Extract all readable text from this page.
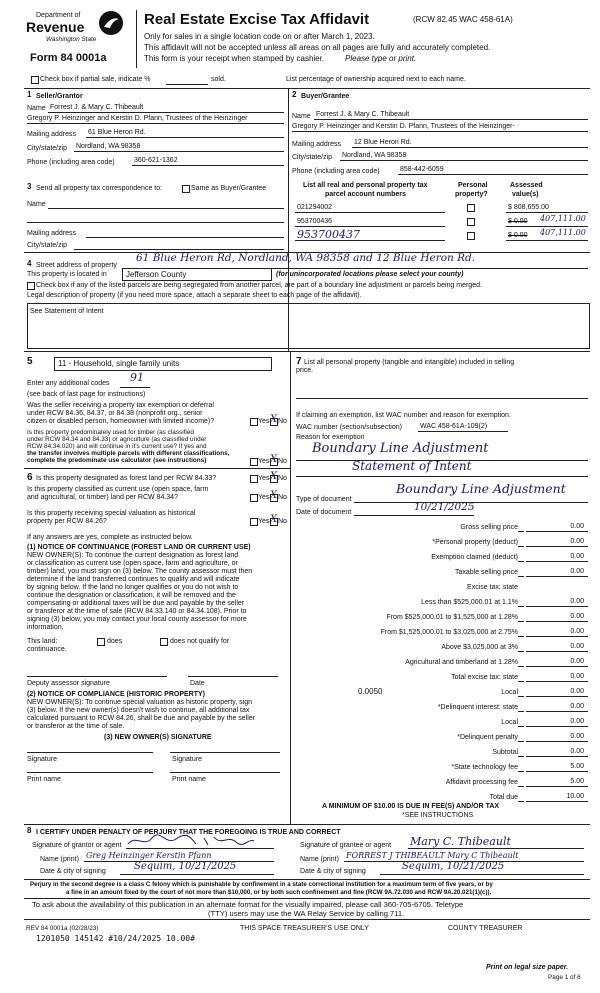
Department of
Revenue
Washington State
Form 84 0001a
Real Estate Excise Tax Affidavit	(RCW 82.45 WAC 458-61A)
Only for sales in a single location code on or after March 1, 2023.
This affidavit will not be accepted unless all areas on all pages are fully and accurately completed.
This form is your receipt when stamped by cashier.	Please type or print.
Check box if partial sale, indicate %	sold.	List percentage of ownership acquired next to each name.
1 Seller/Grantor
Name Forrest J. & Mary C. Thibeault
Gregory P. Heinzinger and Kerstin D. Pfann, Trustees of the Heinzinger
Mailing address 61 Blue Heron Rd.
City/state/zip Nordland, WA 98358
Phone (including area code)	360-621-1362
2 Buyer/Grantee
Name Forrest J. & Mary C. Thibeault
Gregory P. Heinzinger and Kerstin D. Pfann, Trustees of the Heinzinger-
Mailing address 12 Blue Heron Rd.
City/state/zip Nordland, WA 98358
Phone (including area code)	858-442-6059
3 Send all property tax correspondence to:	Same as Buyer/Grantee
Name
Mailing address
City/state/zip
List all real and personal property tax
parcel account numbers
Personal
property?
Assessed
value(s)
021294002	$ 808,655.00
953700436	$ 0.00 407,111.00
953700437	$ 0.00 407,111.00
4 Street address of property
61 Blue Heron Rd, Nordland, WA 98358 and 12 Blue Heron Rd.
This property is located in Jefferson County	(for unincorporated locations please select your county)
Check box if any of the listed parcels are being segregated from another parcel, are part of a boundary line adjustment or parcels being merged.
Legal description of property (if you need more space, attach a separate sheet to each page of the affidavit).
See Statement of Intent
5	11 - Household, single family units
Enter any additional codes 91
(see back of last page for instructions)
Was the seller receiving a property tax exemption or deferral
under RCW 84.36, 84.37, or 84.38 (nonprofit org., senior
citizen or disabled person, homeowner with limited income)?	Yes X No
Is this property predominately used for timber (as classified
under RCW 84.34 and 84.33) or agriculture (as classified under
RCW 84.34.020) and will continue in it's current use? If yes and
the transfer involves multiple parcels with different classifications,
complete the predominate use calculator (see instructions)	Yes X No
6 Is this property designated as forest land per RCW 84.33?	Yes X No
Is this property classified as current use (open space, farm
and agricultural, or timber) land per RCW 84.34?	Yes X No
Is this property receiving special valuation as historical
property per RCW 84.26?	Yes X No
If any answers are yes, complete as instructed below.
(1) NOTICE OF CONTINUANCE (FOREST LAND OR CURRENT USE)
NEW OWNER(S): To continue the current designation as forest land
or classification as current use (open space, farm and agriculture, or
timber) land, you must sign on (3) below. The county assessor must then
determine if the land transferred continues to qualify and will indicate
by signing below. If the land no longer qualifies or you do not wish to
continue the designation or classification, it will be removed and the
compensating or additional taxes will be due and payable by the seller
or transferor at the time of sale (RCW 84.33.140 or 84.34.108). Prior to
signing (3) below, you may contact your local county assessor for more
information.
This land:	does	does not qualify for
continuance.
Deputy assessor signature	Date
(2) NOTICE OF COMPLIANCE (HISTORIC PROPERTY)
NEW OWNER(S): To continue special valuation as historic property, sign
(3) below. If the new owner(s) doesn't wish to continue, all additional tax
calculated pursuant to RCW 84.26, shall be due and payable by the seller
or transferor at the time of sale.
(3) NEW OWNER(S) SIGNATURE
Signature	Signature
Print name	Print name
7 List all personal property (tangible and intangible) included in selling
price.
If claiming an exemption, list WAC number and reason for exemption.
WAC number (section/subsection)	WAC 458-61A-109(2)
Reason for exemption
Boundary Line Adjustment
Statement of Intent
Type of document
Boundary Line Adjustment
Date of document	10/21/2025
Gross selling price	0.00
*Personal property (deduct)	0.00
Exemption claimed (deduct)	0.00
Taxable selling price	0.00
Excise tax: state
Less than $525,000.01 at 1.1%	0.00
From $525,000.01 to $1,525,000 at 1.28%	0.00
From $1,525,000.01 to $3,025,000 at 2.75%	0.00
Above $3,025,000 at 3%	0.00
Agricultural and timberland at 1.28%	0.00
Total excise tax: state	0.00
0.0050	Local	0.00
*Delinquent interest: state	0.00
Local	0.00
*Delinquent penalty	0.00
Subtotal	0.00
*State technology fee	5.00
Affidavit processing fee	5.00
Total due	10.00
A MINIMUM OF $10.00 IS DUE IN FEE(S) AND/OR TAX
*SEE INSTRUCTIONS
8 I CERTIFY UNDER PENALTY OF PERJURY THAT THE FOREGOING IS TRUE AND CORRECT
Signature of grantor or agent
Name (print) Greg Heinzinger Kerstin Pfann
Date & city of signing	Sequim, 10/21/2025
Signature of grantee or agent Mary C. Thibeault
Name (print) FORREST J THIBEAULT Mary C Thibeault
Date & city of signing	Sequim, 10/21/2025
Perjury in the second degree is a class C felony which is punishable by confinement in a state correctional institution for a maximum term of five years, or by
a fine in an amount fixed by the court of not more than $10,000, or by both such confinement and fine (RCW 9A.72.030 and RCW 9A.20.021(1)(c)).
To ask about the availability of this publication in an alternate format for the visually impaired, please call 360-705-6705. Teletype
(TTY) users may use the WA Relay Service by calling 711.
REV 84 0001a (02/28/23)	THIS SPACE TREASURER'S USE ONLY	COUNTY TREASURER
1201050 145142 #10/24/2025 10.00#
Print on legal size paper.
Page 1 of 6
